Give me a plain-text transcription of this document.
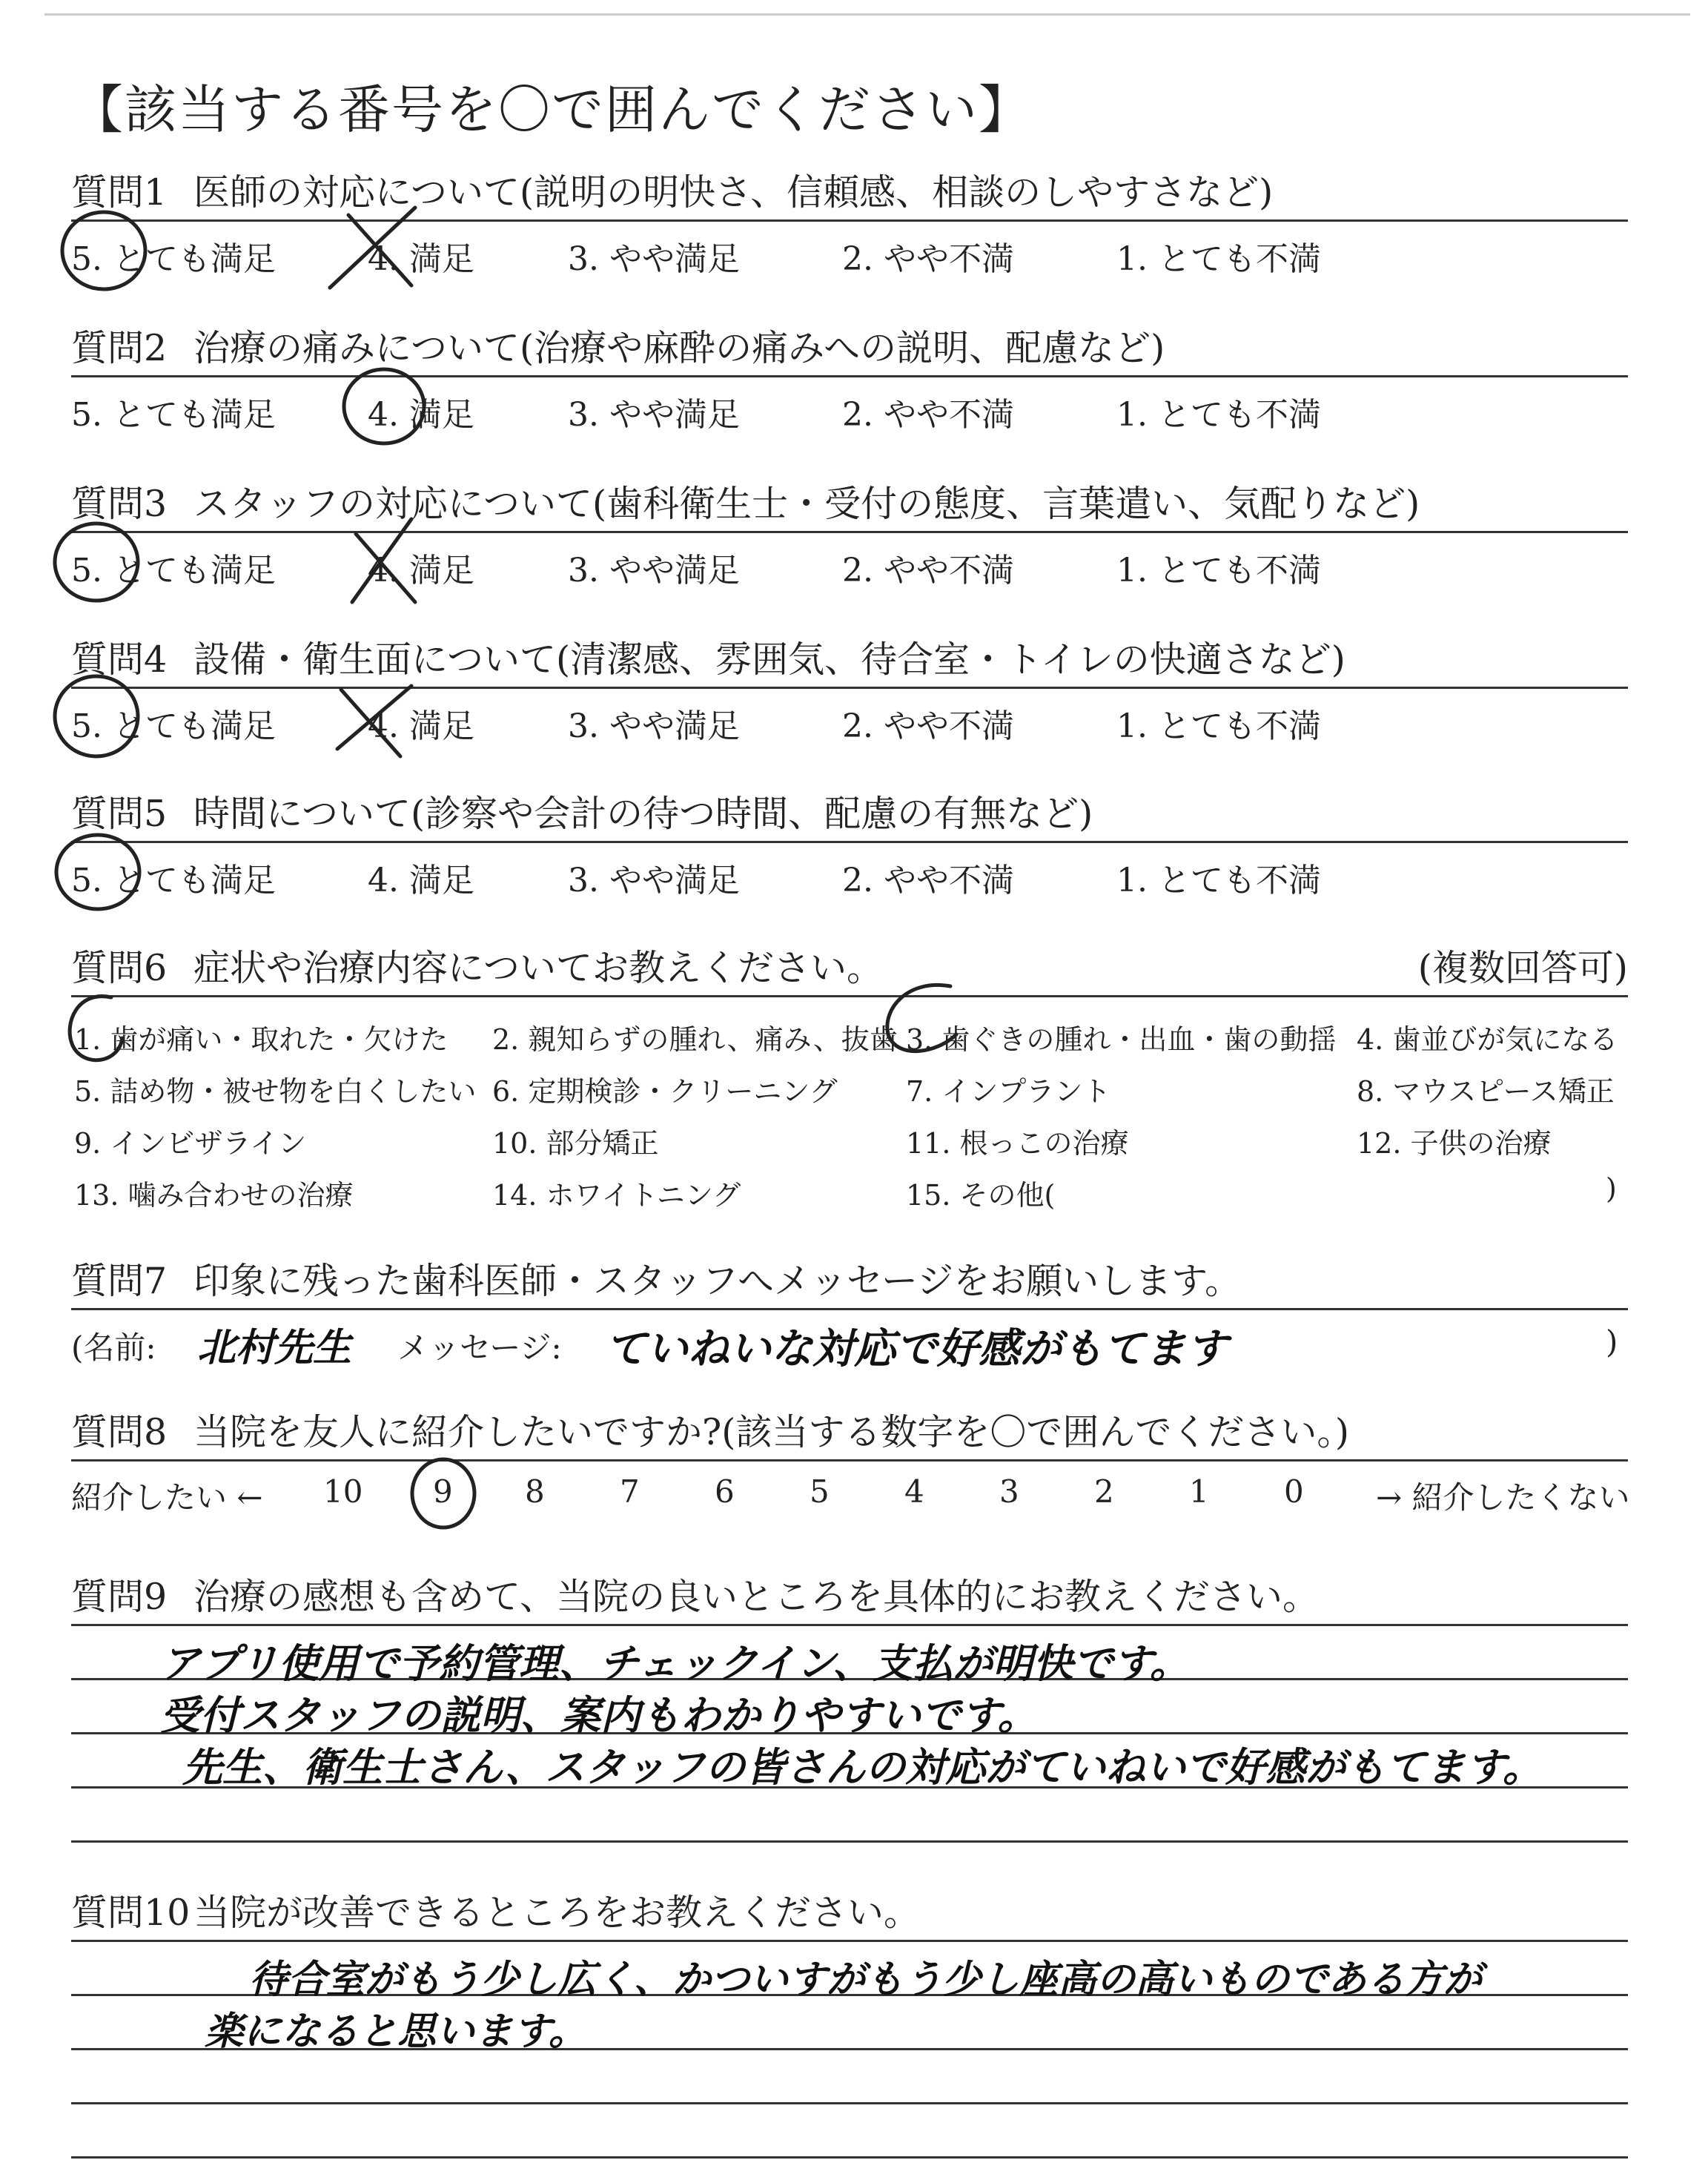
【該当する番号を〇で囲んでください】
質問1 医師の対応について(説明の明快さ、信頼感、相談のしやすさなど)
5. とても満足	4. 満足	3. やや満足	2. やや不満	1. とても不満
質問2 治療の痛みについて(治療や麻酔の痛みへの説明、配慮など)
5. とても満足	4. 満足	3. やや満足	2. やや不満	1. とても不満
質問3 スタッフの対応について(歯科衛生士・受付の態度、言葉遣い、気配りなど)
5. とても満足	4. 満足	3. やや満足	2. やや不満	1. とても不満
質問4 設備・衛生面について(清潔感、雰囲気、待合室・トイレの快適さなど)
5. とても満足	4. 満足	3. やや満足	2. やや不満	1. とても不満
質問5 時間について(診察や会計の待つ時間、配慮の有無など)
5. とても満足	4. 満足	3. やや満足	2. やや不満	1. とても不満
質問6 症状や治療内容についてお教えください。	(複数回答可)
1. 歯が痛い・取れた・欠けた 2. 親知らずの腫れ、痛み、抜歯 3. 歯ぐきの腫れ・出血・歯の動揺 4. 歯並びが気になる
5. 詰め物・被せ物を白くしたい 6. 定期検診・クリーニング 7. インプラント	8. マウスピース矯正
9. インビザライン	10. 部分矯正	11. 根っこの治療	12. 子供の治療
13. 噛み合わせの治療	14. ホワイトニング	15. その他(	)
質問7 印象に残った歯科医師・スタッフへメッセージをお願いします。
(名前: 北村先生 メッセージ: ていねいな対応で好感がもてます	)
質問8 当院を友人に紹介したいですか?(該当する数字を〇で囲んでください。)
紹介したい ← 10 9 8 7 6 5 4 3 2 1 0 → 紹介したくない
質問9 治療の感想も含めて、当院の良いところを具体的にお教えください。
アプリ使用で予約管理、チェックイン、支払が明快です。
受付スタッフの説明、案内もわかりやすいです。
先生、衛生士さん、スタッフの皆さんの対応がていねいで好感がもてます。
質問10当院が改善できるところをお教えください。
待合室がもう少し広く、かついすがもう少し座高の高いものである方が
楽になると思います。
